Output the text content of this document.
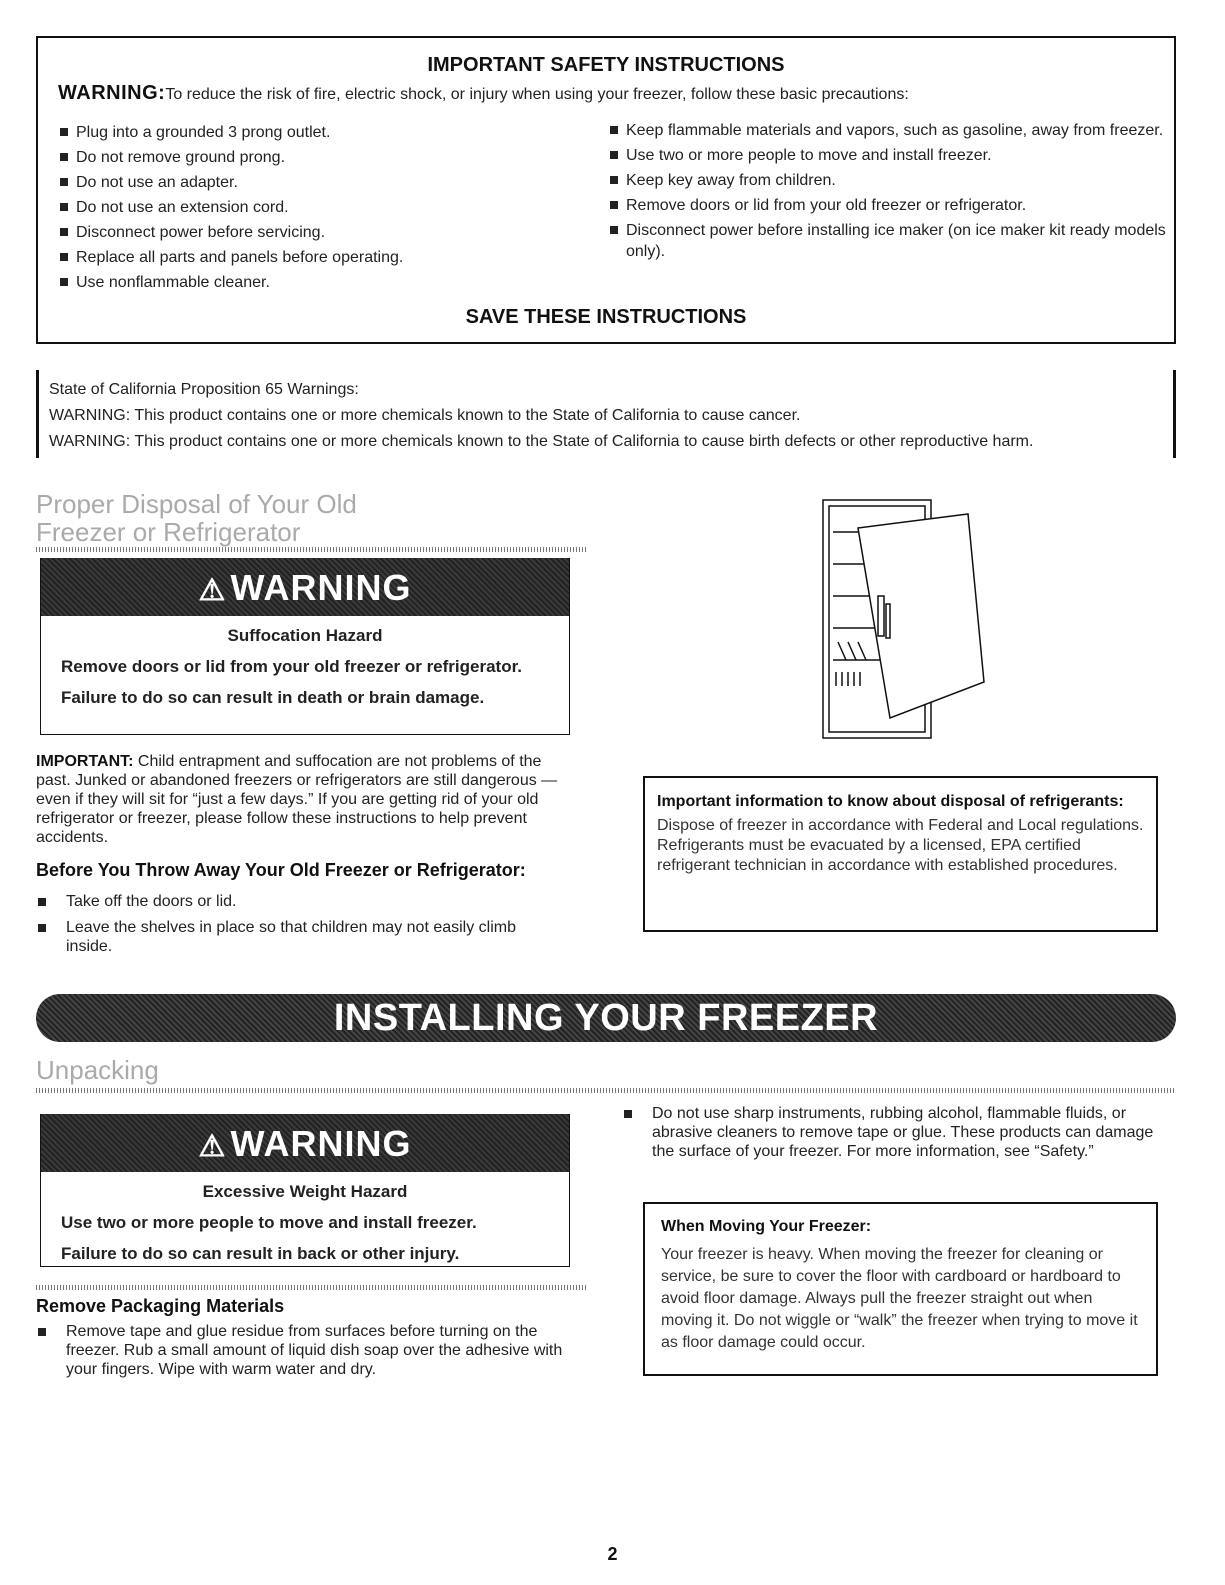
IMPORTANT SAFETY INSTRUCTIONS
WARNING:To reduce the risk of fire, electric shock, or injury when using your freezer, follow these basic precautions:
Plug into a grounded 3 prong outlet.
Do not remove ground prong.
Do not use an adapter.
Do not use an extension cord.
Disconnect power before servicing.
Replace all parts and panels before operating.
Use nonflammable cleaner.
Keep flammable materials and vapors, such as gasoline, away from freezer.
Use two or more people to move and install freezer.
Keep key away from children.
Remove doors or lid from your old freezer or refrigerator.
Disconnect power before installing ice maker (on ice maker kit ready models only).
SAVE THESE INSTRUCTIONS
State of California Proposition 65 Warnings:
WARNING: This product contains one or more chemicals known to the State of California to cause cancer.
WARNING: This product contains one or more chemicals known to the State of California to cause birth defects or other reproductive harm.
Proper Disposal of Your Old
Freezer or Refrigerator
⚠ WARNING
Suffocation Hazard
Remove doors or lid from your old freezer or refrigerator.
Failure to do so can result in death or brain damage.
IMPORTANT: Child entrapment and suffocation are not problems of the past. Junked or abandoned freezers or refrigerators are still dangerous — even if they will sit for “just a few days.” If you are getting rid of your old refrigerator or freezer, please follow these instructions to help prevent accidents.
Before You Throw Away Your Old Freezer or Refrigerator:
Take off the doors or lid.
Leave the shelves in place so that children may not easily climb inside.
Important information to know about disposal of refrigerants:
Dispose of freezer in accordance with Federal and Local regulations. Refrigerants must be evacuated by a licensed, EPA certified refrigerant technician in accordance with established procedures.
INSTALLING YOUR FREEZER
Unpacking
⚠ WARNING
Excessive Weight Hazard
Use two or more people to move and install freezer.
Failure to do so can result in back or other injury.
Remove Packaging Materials
Remove tape and glue residue from surfaces before turning on the freezer. Rub a small amount of liquid dish soap over the adhesive with your fingers. Wipe with warm water and dry.
Do not use sharp instruments, rubbing alcohol, flammable fluids, or abrasive cleaners to remove tape or glue. These products can damage the surface of your freezer. For more information, see “Safety.”
When Moving Your Freezer:
Your freezer is heavy. When moving the freezer for cleaning or service, be sure to cover the floor with cardboard or hardboard to avoid floor damage. Always pull the freezer straight out when moving it. Do not wiggle or “walk” the freezer when trying to move it as floor damage could occur.
2
